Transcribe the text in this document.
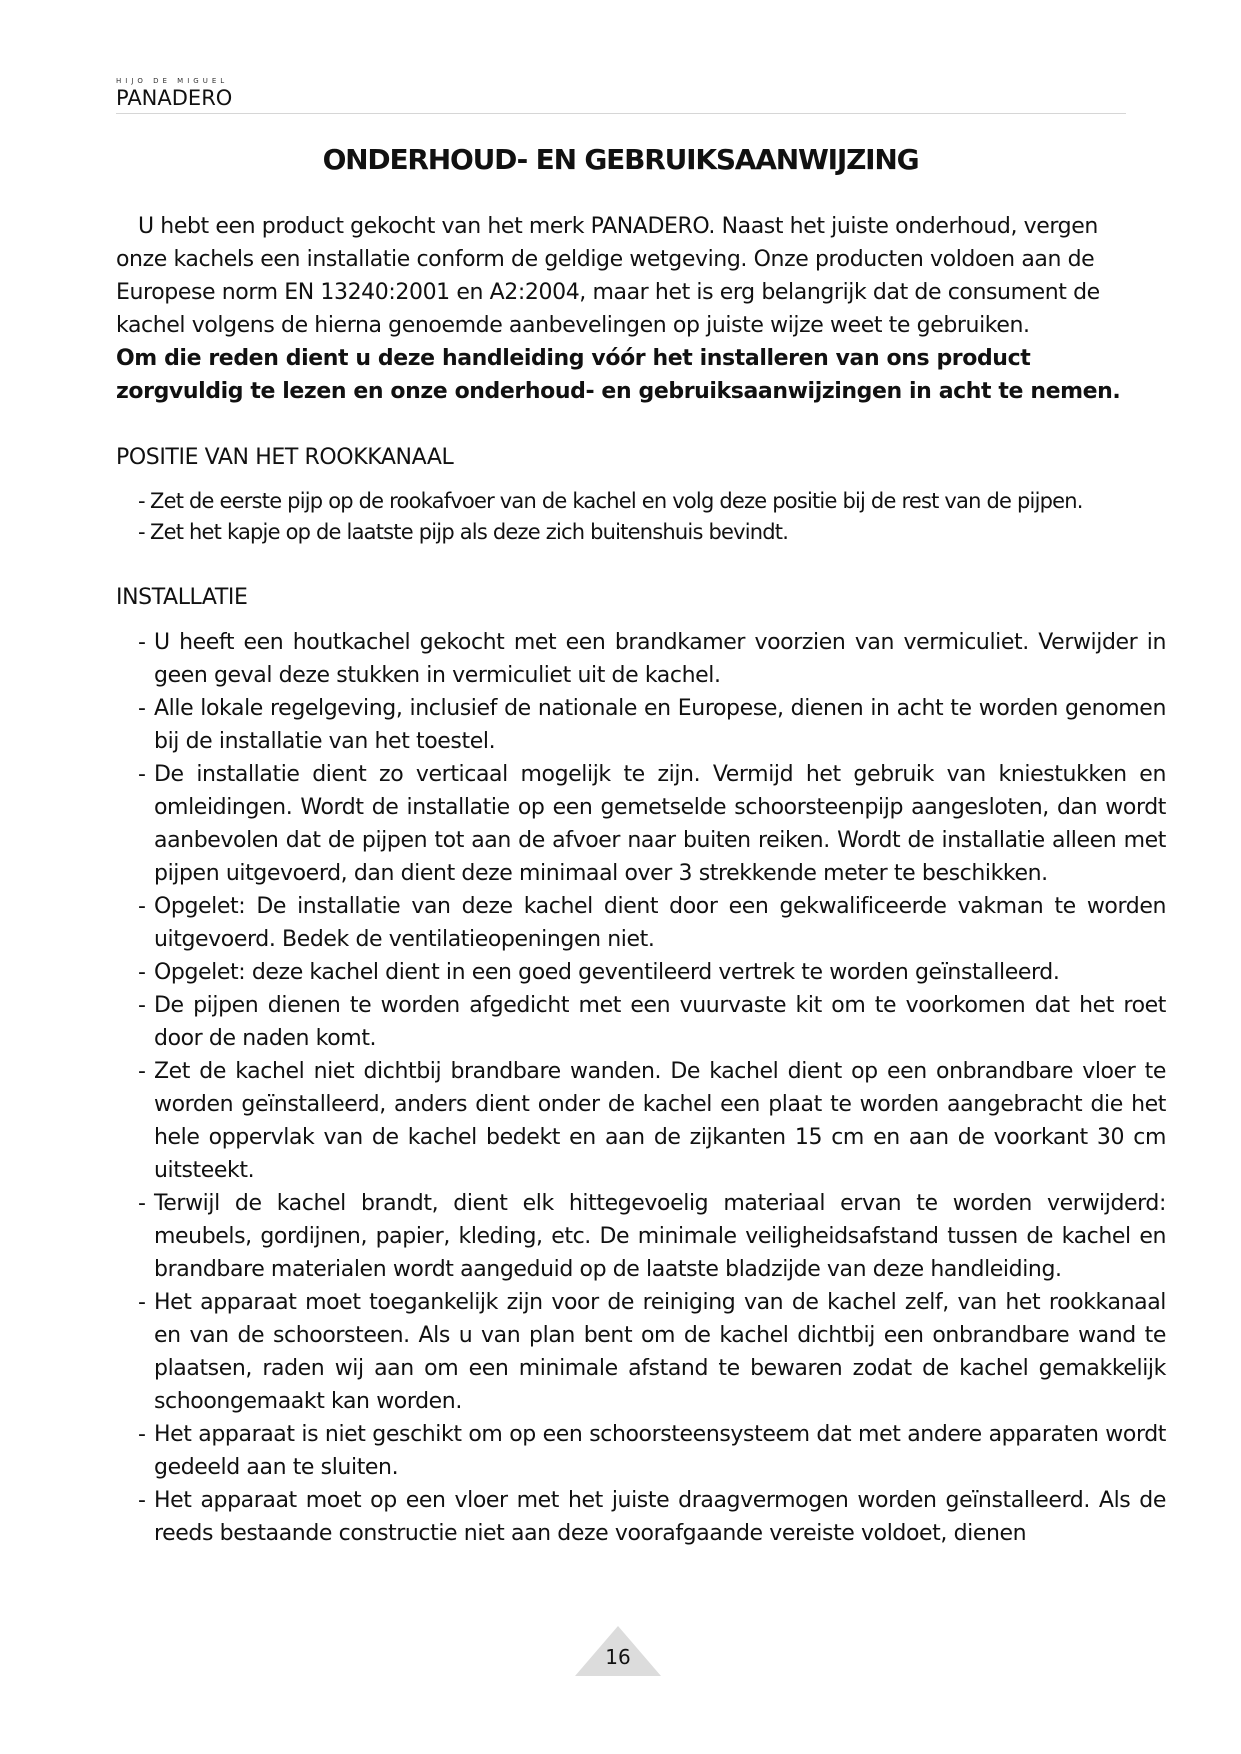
HIJO DE MIGUEL
PANADERO
ONDERHOUD- EN GEBRUIKSAANWIJZING

U hebt een product gekocht van het merk PANADERO. Naast het juiste onderhoud, vergen onze kachels een installatie conform de geldige wetgeving. Onze producten voldoen aan de Europese norm EN 13240:2001 en A2:2004, maar het is erg belangrijk dat de consument de kachel volgens de hierna genoemde aanbevelingen op juiste wijze weet te gebruiken.

Om die reden dient u deze handleiding vóór het installeren van ons product zorgvuldig te lezen en onze onderhoud- en gebruiksaanwijzingen in acht te nemen.

POSITIE VAN HET ROOKKANAAL
- Zet de eerste pijp op de rookafvoer van de kachel en volg deze positie bij de rest van de pijpen.
- Zet het kapje op de laatste pijp als deze zich buitenshuis bevindt.
INSTALLATIE
- U heeft een houtkachel gekocht met een brandkamer voorzien van vermiculiet. Verwijder in geen geval deze stukken in vermiculiet uit de kachel.
- Alle lokale regelgeving, inclusief de nationale en Europese, dienen in acht te worden genomen bij de installatie van het toestel.
- De installatie dient zo verticaal mogelijk te zijn. Vermijd het gebruik van kniestukken en omleidingen. Wordt de installatie op een gemetselde schoorsteenpijp aangesloten, dan wordt aanbevolen dat de pijpen tot aan de afvoer naar buiten reiken. Wordt de installatie alleen met pijpen uitgevoerd, dan dient deze minimaal over 3 strekkende meter te beschikken.
- Opgelet: De installatie van deze kachel dient door een gekwalificeerde vakman te worden uitgevoerd. Bedek de ventilatieopeningen niet.
- Opgelet: deze kachel dient in een goed geventileerd vertrek te worden geïnstalleerd.
- De pijpen dienen te worden afgedicht met een vuurvaste kit om te voorkomen dat het roet door de naden komt.
- Zet de kachel niet dichtbij brandbare wanden. De kachel dient op een onbrandbare vloer te worden geïnstalleerd, anders dient onder de kachel een plaat te worden aangebracht die het hele oppervlak van de kachel bedekt en aan de zijkanten 15 cm en aan de voorkant 30 cm uitsteekt.
- Terwijl de kachel brandt, dient elk hittegevoelig materiaal ervan te worden verwijderd: meubels, gordijnen, papier, kleding, etc. De minimale veiligheidsafstand tussen de kachel en brandbare materialen wordt aangeduid op de laatste bladzijde van deze handleiding.
- Het apparaat moet toegankelijk zijn voor de reiniging van de kachel zelf, van het rookkanaal en van de schoorsteen. Als u van plan bent om de kachel dichtbij een onbrandbare wand te plaatsen, raden wij aan om een minimale afstand te bewaren zodat de kachel gemakkelijk schoongemaakt kan worden.
- Het apparaat is niet geschikt om op een schoorsteensysteem dat met andere apparaten wordt gedeeld aan te sluiten.
- Het apparaat moet op een vloer met het juiste draagvermogen worden geïnstalleerd. Als de reeds bestaande constructie niet aan deze voorafgaande vereiste voldoet, dienen
16
